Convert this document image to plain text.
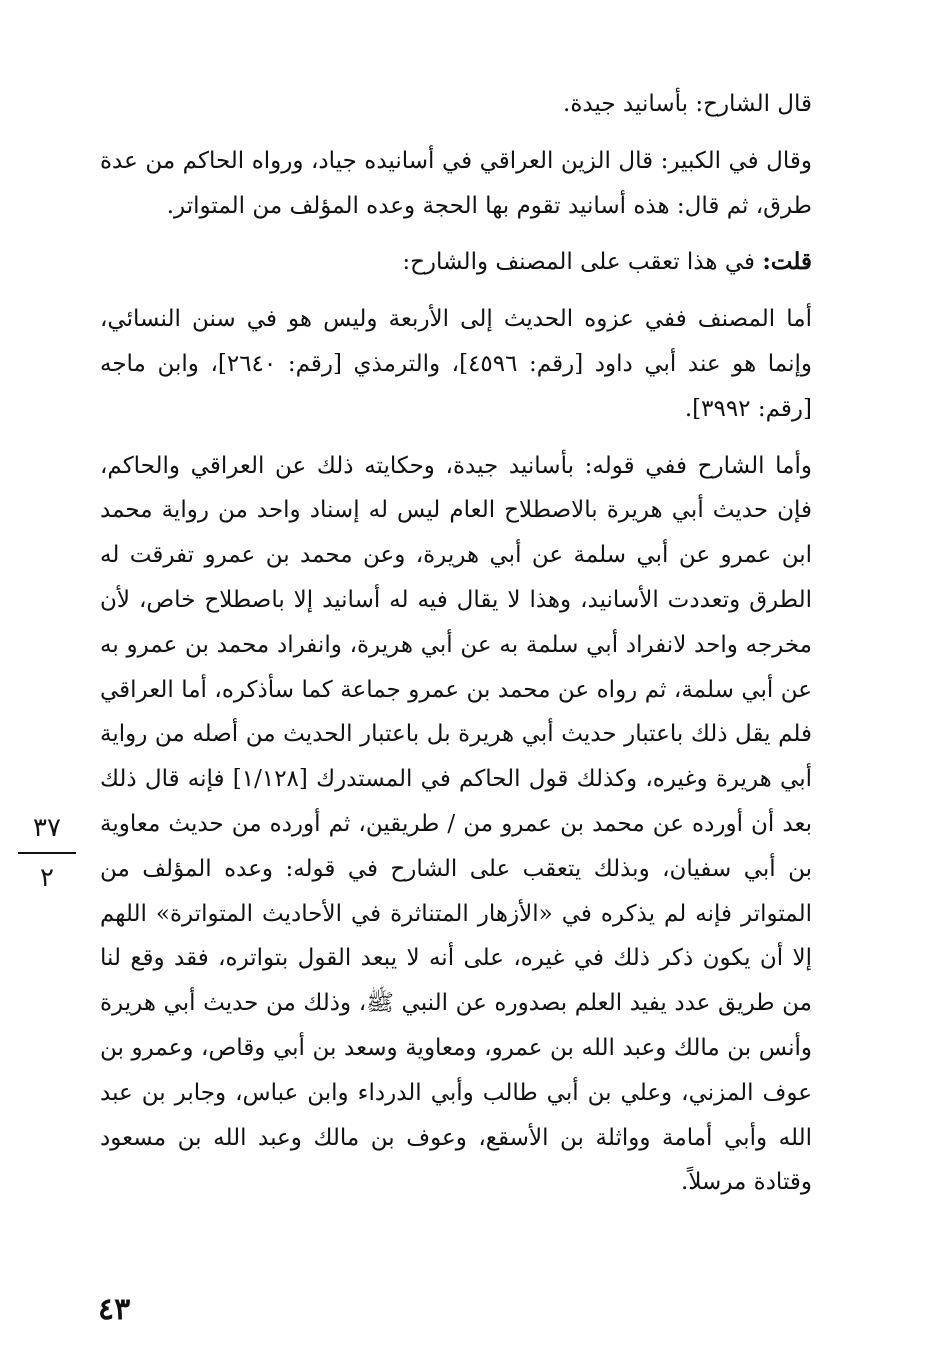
قال الشارح: بأسانيد جيدة.

وقال في الكبير: قال الزين العراقي في أسانيده جياد، ورواه الحاكم من عدة طرق، ثم قال: هذه أسانيد تقوم بها الحجة وعده المؤلف من المتواتر.

قلت: في هذا تعقب على المصنف والشارح:

أما المصنف ففي عزوه الحديث إلى الأربعة وليس هو في سنن النسائي، وإنما هو عند أبي داود [رقم: ٤٥٩٦]، والترمذي [رقم: ٢٦٤٠]، وابن ماجه [رقم: ٣٩٩٢].

وأما الشارح ففي قوله: بأسانيد جيدة، وحكايته ذلك عن العراقي والحاكم، فإن حديث أبي هريرة بالاصطلاح العام ليس له إسناد واحد من رواية محمد ابن عمرو عن أبي سلمة عن أبي هريرة، وعن محمد بن عمرو تفرقت له الطرق وتعددت الأسانيد، وهذا لا يقال فيه له أسانيد إلا باصطلاح خاص، لأن مخرجه واحد لانفراد أبي سلمة به عن أبي هريرة، وانفراد محمد بن عمرو به عن أبي سلمة، ثم رواه عن محمد بن عمرو جماعة كما سأذكره، أما العراقي فلم يقل ذلك باعتبار حديث أبي هريرة بل باعتبار الحديث من أصله من رواية أبي هريرة وغيره، وكذلك قول الحاكم في المستدرك [١/١٢٨] فإنه قال ذلك بعد أن أورده عن محمد بن عمرو من / طريقين، ثم أورده من حديث معاوية بن أبي سفيان، وبذلك يتعقب على الشارح في قوله: وعده المؤلف من المتواتر فإنه لم يذكره في «الأزهار المتناثرة في الأحاديث المتواترة» اللهم إلا أن يكون ذكر ذلك في غيره، على أنه لا يبعد القول بتواتره، فقد وقع لنا من طريق عدد يفيد العلم بصدوره عن النبي ﷺ، وذلك من حديث أبي هريرة وأنس بن مالك وعبد الله بن عمرو، ومعاوية وسعد بن أبي وقاص، وعمرو بن عوف المزني، وعلي بن أبي طالب وأبي الدرداء وابن عباس، وجابر بن عبد الله وأبي أمامة وواثلة بن الأسقع، وعوف بن مالك وعبد الله بن مسعود وقتادة مرسلاً.

٣٧
٢
٤٣
